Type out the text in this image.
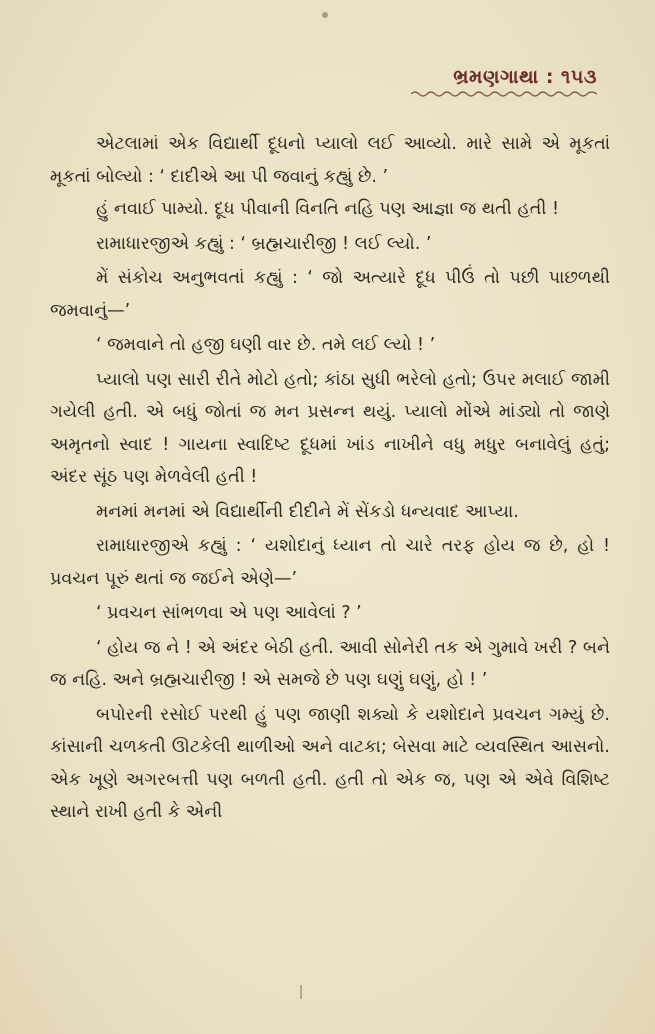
ભ્રમણગાથા : ૧૫૩

એટલામાં એક વિદ્યાર્થી દૂધનો પ્યાલો લઈ આવ્યો. મારે સામે એ મૂકતાં મૂકતાં બોલ્યો : ‘ દાદીએ આ પી જવાનું કહ્યું છે. ’

હું નવાઈ પામ્યો. દૂધ પીવાની વિનતિ નહિ પણ આજ્ઞા જ થતી હતી !

રામાધારજીએ કહ્યું : ‘ બ્રહ્મચારીજી ! લઈ લ્યો. ’

મેં સંકોચ અનુભવતાં કહ્યું : ‘ જો અત્યારે દૂધ પીઉં તો પછી પાછળથી જમવાનું—’

‘ જમવાને તો હજી ઘણી વાર છે. તમે લઈ લ્યો ! ’

પ્યાલો પણ સારી રીતે મોટો હતો; કાંઠા સુધી ભરેલો હતો; ઉપર મલાઈ જામી ગયેલી હતી. એ બધું જોતાં જ મન પ્રસન્ન થયું. પ્યાલો મોંએ માંડ્યો તો જાણે અમૃતનો સ્વાદ ! ગાયના સ્વાદિષ્ટ દૂધમાં ખાંડ નાખીને વધુ મધુર બનાવેલું હતું; અંદર સૂંઠ પણ મેળવેલી હતી !

મનમાં મનમાં એ વિદ્યાર્થીની દીદીને મેં સેંકડો ધન્યવાદ આપ્યા.

રામાધારજીએ કહ્યું : ‘ યશોદાનું ધ્યાન તો ચારે તરફ હોય જ છે, હો ! પ્રવચન પૂરું થતાં જ જઈને એણે—’

‘ પ્રવચન સાંભળવા એ પણ આવેલાં ? ’

‘ હોય જ ને ! એ અંદર બેઠી હતી. આવી સોનેરી તક એ ગુમાવે ખરી ? બને જ નહિ. અને બ્રહ્મચારીજી ! એ સમજે છે પણ ઘણું ઘણું, હો ! ’

બપોરની રસોઈ પરથી હું પણ જાણી શક્યો કે યશોદાને પ્રવચન ગમ્યું છે. કાંસાની ચળકતી ઊટકેલી થાળીઓ અને વાટકા; બેસવા માટે વ્યવસ્થિત આસનો. એક ખૂણે અગરબત્તી પણ બળતી હતી. હતી તો એક જ, પણ એ એવે વિશિષ્ટ સ્થાને રાખી હતી કે એની
